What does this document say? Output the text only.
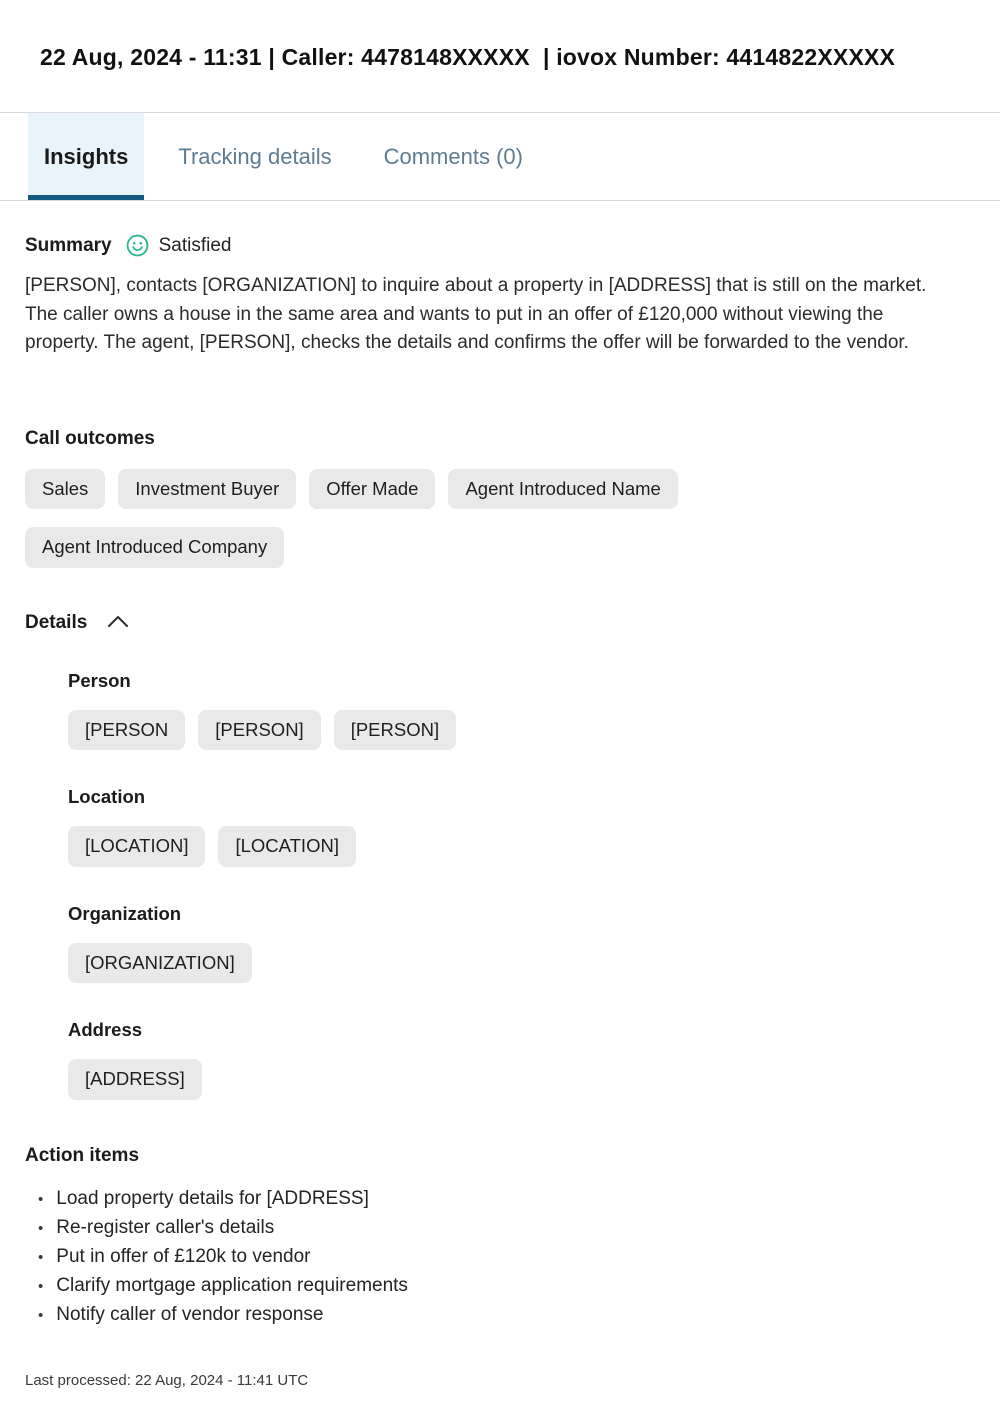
22 Aug, 2024 - 11:31 | Caller: 4478148XXXXX  | iovox Number: 4414822XXXXX
Insights	Tracking details	Comments (0)
Summary Satisfied

[PERSON], contacts [ORGANIZATION] to inquire about a property in [ADDRESS] that is still on the market. The caller owns a house in the same area and wants to put in an offer of £120,000 without viewing the property. The agent, [PERSON], checks the details and confirms the offer will be forwarded to the vendor.

Call outcomes
Sales	Investment Buyer	Offer Made	Agent Introduced Name
Agent Introduced Company
Details
Person
[PERSON	[PERSON]	[PERSON]
Location
[LOCATION]	[LOCATION]
Organization
[ORGANIZATION]
Address
[ADDRESS]
Action items
• Load property details for [ADDRESS]
• Re-register caller's details
• Put in offer of £120k to vendor
• Clarify mortgage application requirements
• Notify caller of vendor response
Last processed: 22 Aug, 2024 - 11:41 UTC
